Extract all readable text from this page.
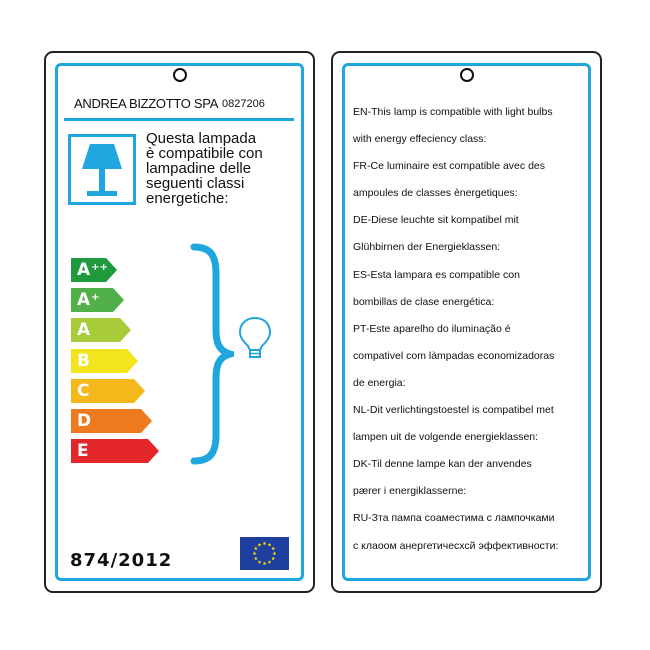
ANDREA BIZZOTTO SPA 0827206
Questa lampada
è compatibile con
lampadine delle
seguenti classi
energetiche:
A++
A+
A
B
C
D
E
874/2012
EN-This lamp is compatible with light bulbs
with energy effeciency class:
FR-Ce luminaire est compatible avec des
ampoules de classes ènergetiques:
DE-Diese leuchte sit kompatibel mit
Glühbirnen der Energieklassen:
ES-Esta lampara es compatible con
bombillas de clase energética:
PT-Este aparelho do iluminação é
compativel com làmpadas economizadoras
de energia:
NL-Dit verlichtingstoestel is compatibel met
lampen uit de volgende energieklassen:
DK-Til denne lampe kan der anvendes
pærer i energiklasserne:
RU-Зта пампа соаместима с лампочками
с клаоом анергетичесхсй эффективности:
